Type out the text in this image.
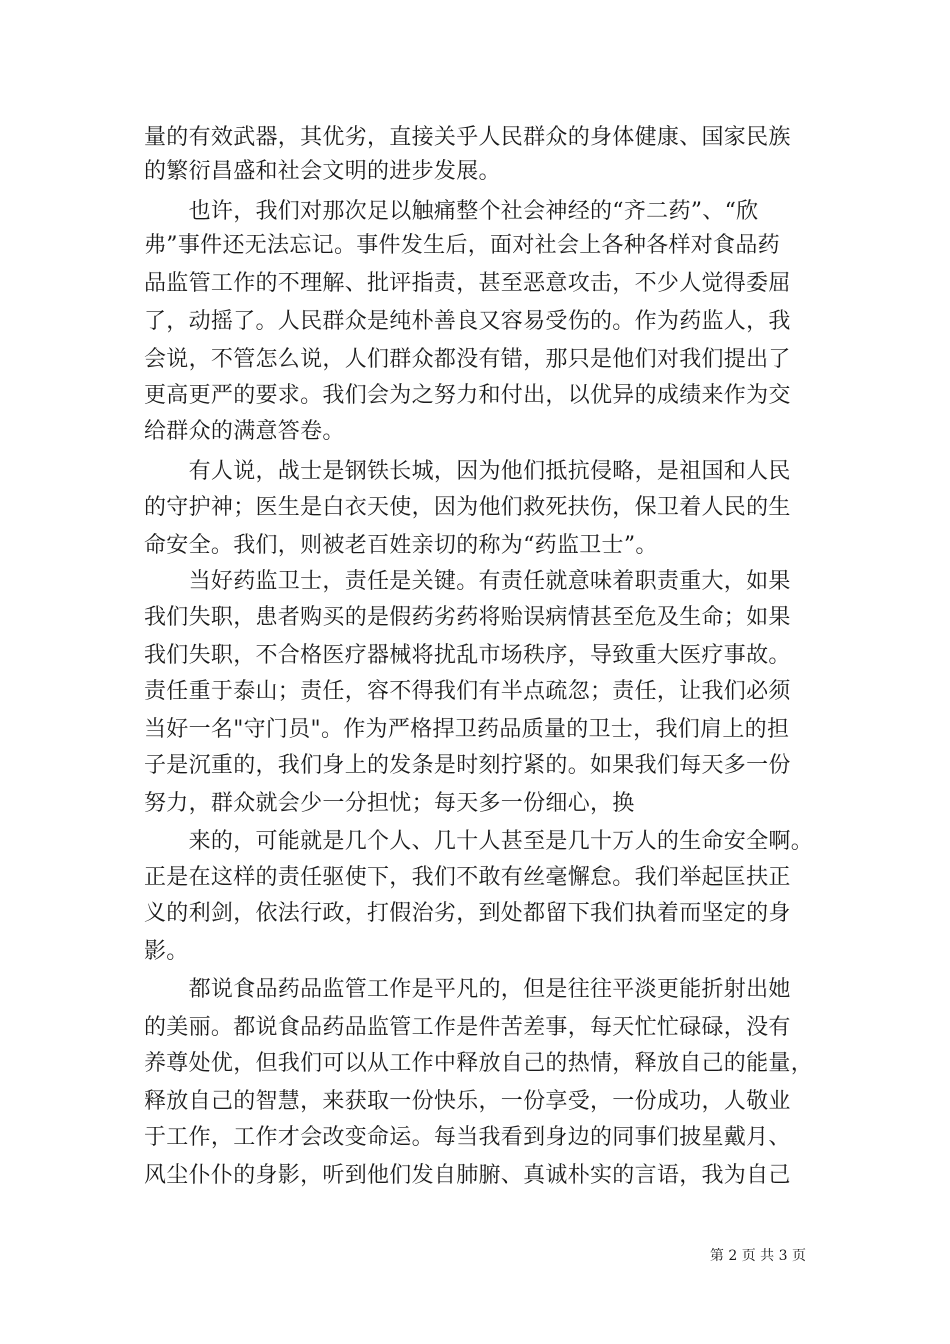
量的有效武器，其优劣，直接关乎人民群众的身体健康、国家民族
的繁衍昌盛和社会文明的进步发展。
　　也许，我们对那次足以触痛整个社会神经的“齐二药”、“欣
弗”事件还无法忘记。事件发生后，面对社会上各种各样对食品药
品监管工作的不理解、批评指责，甚至恶意攻击，不少人觉得委屈
了，动摇了。人民群众是纯朴善良又容易受伤的。作为药监人，我
会说，不管怎么说，人们群众都没有错，那只是他们对我们提出了
更高更严的要求。我们会为之努力和付出，以优异的成绩来作为交
给群众的满意答卷。
　　有人说，战士是钢铁长城，因为他们抵抗侵略，是祖国和人民
的守护神；医生是白衣天使，因为他们救死扶伤，保卫着人民的生
命安全。我们，则被老百姓亲切的称为“药监卫士”。
　　当好药监卫士，责任是关键。有责任就意味着职责重大，如果
我们失职，患者购买的是假药劣药将贻误病情甚至危及生命；如果
我们失职，不合格医疗器械将扰乱市场秩序，导致重大医疗事故。
责任重于泰山；责任，容不得我们有半点疏忽；责任，让我们必须
当好一名"守门员"。作为严格捍卫药品质量的卫士，我们肩上的担
子是沉重的，我们身上的发条是时刻拧紧的。如果我们每天多一份
努力，群众就会少一分担忧；每天多一份细心，换
　　来的，可能就是几个人、几十人甚至是几十万人的生命安全啊。
正是在这样的责任驱使下，我们不敢有丝毫懈怠。我们举起匡扶正
义的利剑，依法行政，打假治劣，到处都留下我们执着而坚定的身
影。
　　都说食品药品监管工作是平凡的，但是往往平淡更能折射出她
的美丽。都说食品药品监管工作是件苦差事，每天忙忙碌碌，没有
养尊处优，但我们可以从工作中释放自己的热情，释放自己的能量，
释放自己的智慧，来获取一份快乐，一份享受，一份成功，人敬业
于工作，工作才会改变命运。每当我看到身边的同事们披星戴月、
风尘仆仆的身影，听到他们发自肺腑、真诚朴实的言语，我为自己
第 2 页 共 3 页
